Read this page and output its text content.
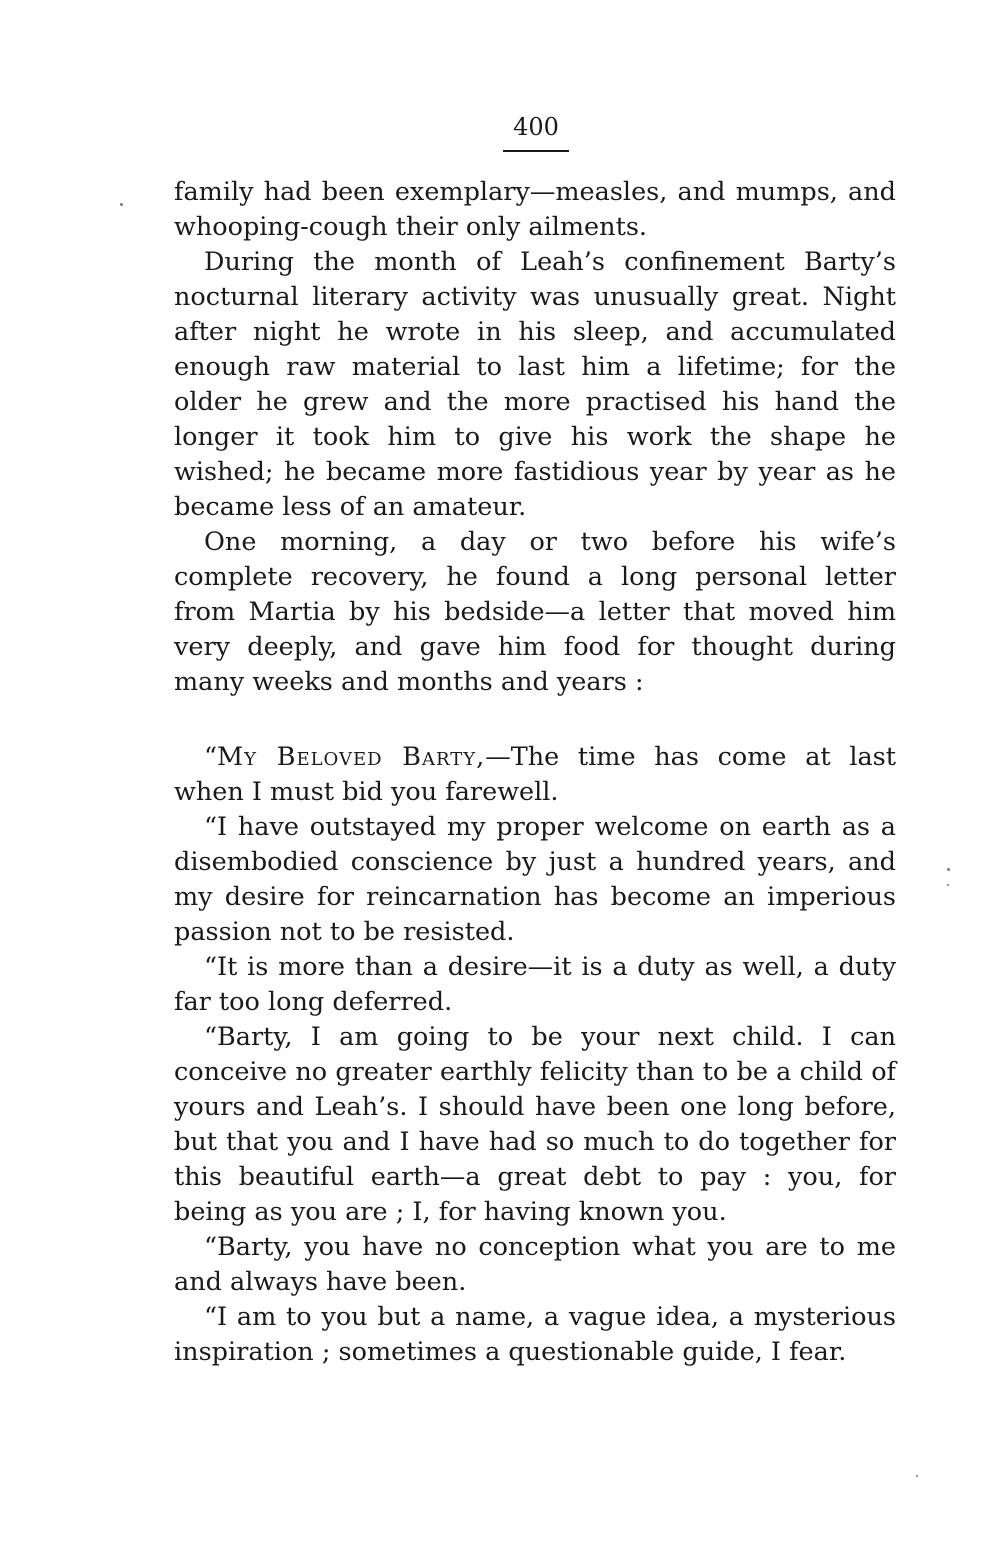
400

family had been exemplary—measles, and mumps, and whooping-cough their only ailments.

During the month of Leah’s confinement Barty’s nocturnal literary activity was unusually great. Night after night he wrote in his sleep, and accumulated enough raw material to last him a lifetime; for the older he grew and the more practised his hand the longer it took him to give his work the shape he wished; he became more fastidious year by year as he became less of an amateur.

One morning, a day or two before his wife’s complete recovery, he found a long personal letter from Martia by his bedside—a letter that moved him very deeply, and gave him food for thought during many weeks and months and years :

“My Beloved Barty,—The time has come at last when I must bid you farewell.

“I have outstayed my proper welcome on earth as a disembodied conscience by just a hundred years, and my desire for reincarnation has become an imperious passion not to be resisted.

“It is more than a desire—it is a duty as well, a duty far too long deferred.

“Barty, I am going to be your next child. I can conceive no greater earthly felicity than to be a child of yours and Leah’s. I should have been one long before, but that you and I have had so much to do together for this beautiful earth—a great debt to pay : you, for being as you are ; I, for having known you.

“Barty, you have no conception what you are to me and always have been.

“I am to you but a name, a vague idea, a mysterious inspiration ; sometimes a questionable guide, I fear.
